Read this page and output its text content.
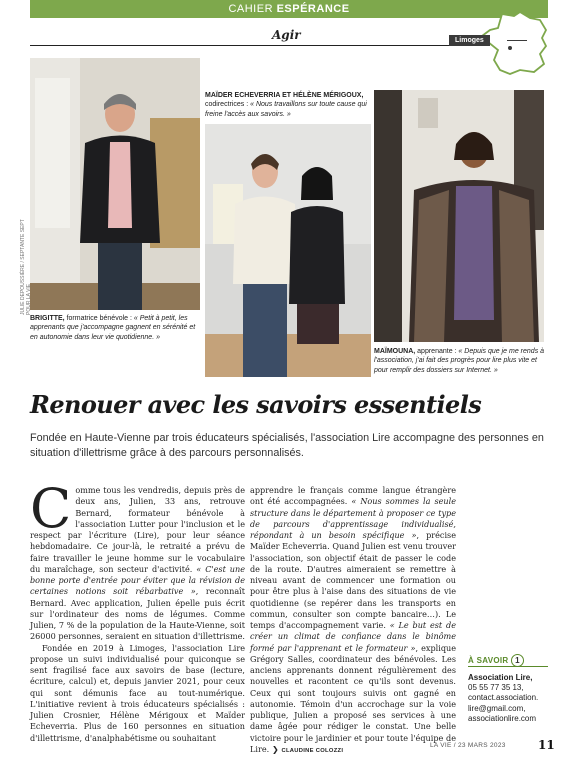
CAHIER ESPÉRANCE
Agir	Limoges
JULIE DEPOUSSIÈRE / SEPTANTE SEPT POUR LA VIE
BRIGITTE, formatrice bénévole : « Petit à petit, les apprenants que j'accompagne gagnent en sérénité et en autonomie dans leur vie quotidienne. »
MAÏDER ECHEVERRIA ET HÉLÈNE MÉRIGOUX,
codirectrices : « Nous travaillons sur toute cause qui freine l'accès aux savoirs. »
MAÏMOUNA, apprenante : « Depuis que je me rends à l'association, j'ai fait des progrès pour lire plus vite et pour remplir des dossiers sur Internet. »
Renouer avec les savoirs essentiels
Fondée en Haute-Vienne par trois éducateurs spécialisés, l'association Lire accompagne des personnes en situation d'illettrisme grâce à des parcours personnalisés.

Comme tous les vendredis, depuis près de deux ans, Julien, 33 ans, retrouve Bernard, formateur bénévole à l'association Lutter pour l'inclusion et le respect par l'écriture (Lire), pour leur séance hebdomadaire. Ce jour-là, le retraité a prévu de faire travailler le jeune homme sur le vocabulaire du maraîchage, son secteur d'activité. « C'est une bonne porte d'entrée pour éviter que la révision de certaines notions soit rébarbative », reconnaît Bernard. Avec application, Julien épelle puis écrit sur l'ordinateur des noms de légumes. Comme Julien, 7 % de la population de la Haute-Vienne, soit 26000 personnes, seraient en situation d'illettrisme.

Fondée en 2019 à Limoges, l'association Lire propose un suivi individualisé pour quiconque se sent fragilisé face aux savoirs de base (lecture, écriture, calcul) et, depuis janvier 2021, pour ceux qui sont démunis face au tout-numérique. L'initiative revient à trois éducateurs spécialisés : Julien Crosnier, Hélène Mérigoux et Maïder Echeverria. Plus de 160 personnes en situation d'illettrisme, d'analphabétisme ou souhaitant

apprendre le français comme langue étrangère ont été accompagnées. « Nous sommes la seule structure dans le département à proposer ce type de parcours d'apprentissage individualisé, répondant à un besoin spécifique », précise Maïder Echeverria. Quand Julien est venu trouver l'association, son objectif était de passer le code de la route. D'autres aimeraient se remettre à niveau avant de commencer une formation ou pour être plus à l'aise dans des situations de vie quotidienne (se repérer dans les transports en commun, consulter son compte bancaire…). Le temps d'accompagnement varie. « Le but est de créer un climat de confiance dans le binôme formé par l'apprenant et le formateur », explique Grégory Salles, coordinateur des bénévoles. Les anciens apprenants donnent régulièrement des nouvelles et racontent ce qu'ils sont devenus. Ceux qui sont toujours suivis ont gagné en autonomie. Témoin d'un accrochage sur la voie publique, Julien a proposé ses services à une dame âgée pour rédiger le constat. Une belle victoire pour le jardinier et pour toute l'équipe de Lire. ❯ CLAUDINE COLOZZI

À SAVOIR 1
Association Lire,
05 55 77 35 13,
contact.association.
lire@gmail.com,
associationlire.com
LA VIE / 23 MARS 2023	11
